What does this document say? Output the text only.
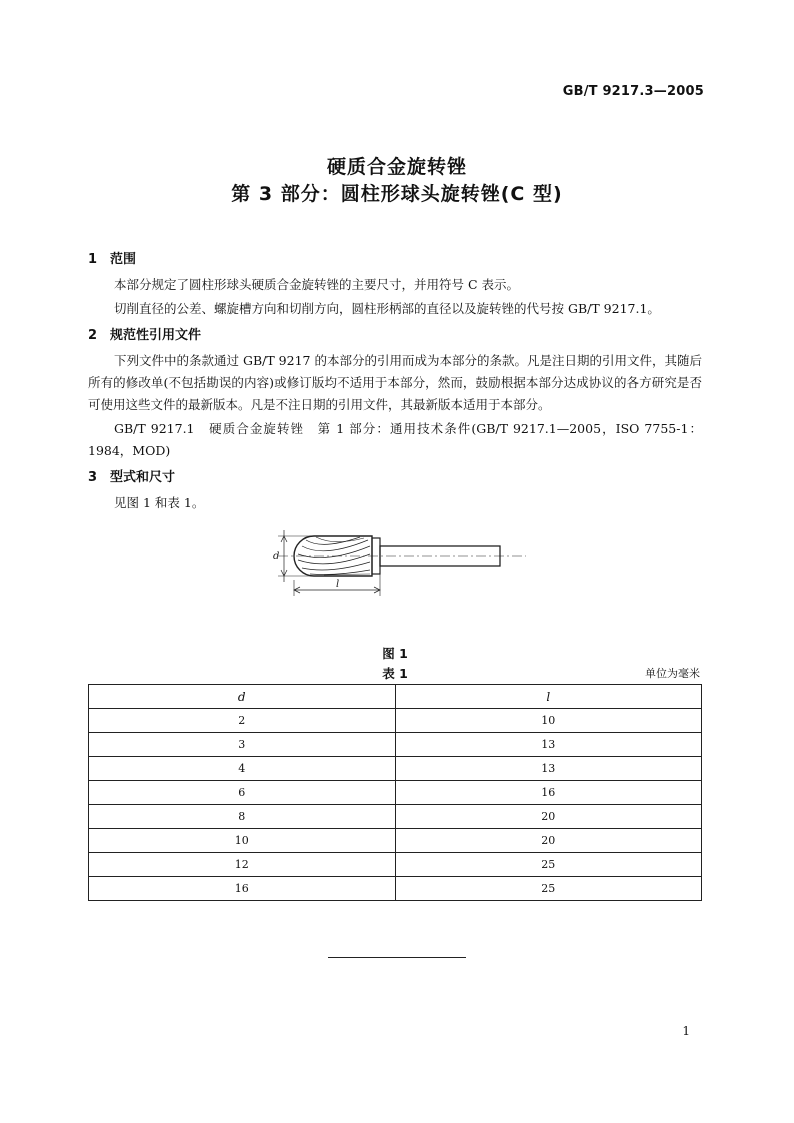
GB/T 9217.3—2005
硬质合金旋转锉
第 3 部分：圆柱形球头旋转锉(C 型)
1 范围

本部分规定了圆柱形球头硬质合金旋转锉的主要尺寸，并用符号 C 表示。

切削直径的公差、螺旋槽方向和切削方向，圆柱形柄部的直径以及旋转锉的代号按 GB/T 9217.1。

2 规范性引用文件

下列文件中的条款通过 GB/T 9217 的本部分的引用而成为本部分的条款。凡是注日期的引用文件，其随后所有的修改单(不包括勘误的内容)或修订版均不适用于本部分，然而，鼓励根据本部分达成协议的各方研究是否可使用这些文件的最新版本。凡是不注日期的引用文件，其最新版本适用于本部分。

GB/T 9217.1　硬质合金旋转锉　第 1 部分：通用技术条件(GB/T 9217.1—2005，ISO 7755-1：1984，MOD)

3 型式和尺寸

见图 1 和表 1。

d
l
图 1
表 1	单位为毫米
d	l
2	10
3	13
4	13
6	16
8	20
10	20
12	25
16	25
1
